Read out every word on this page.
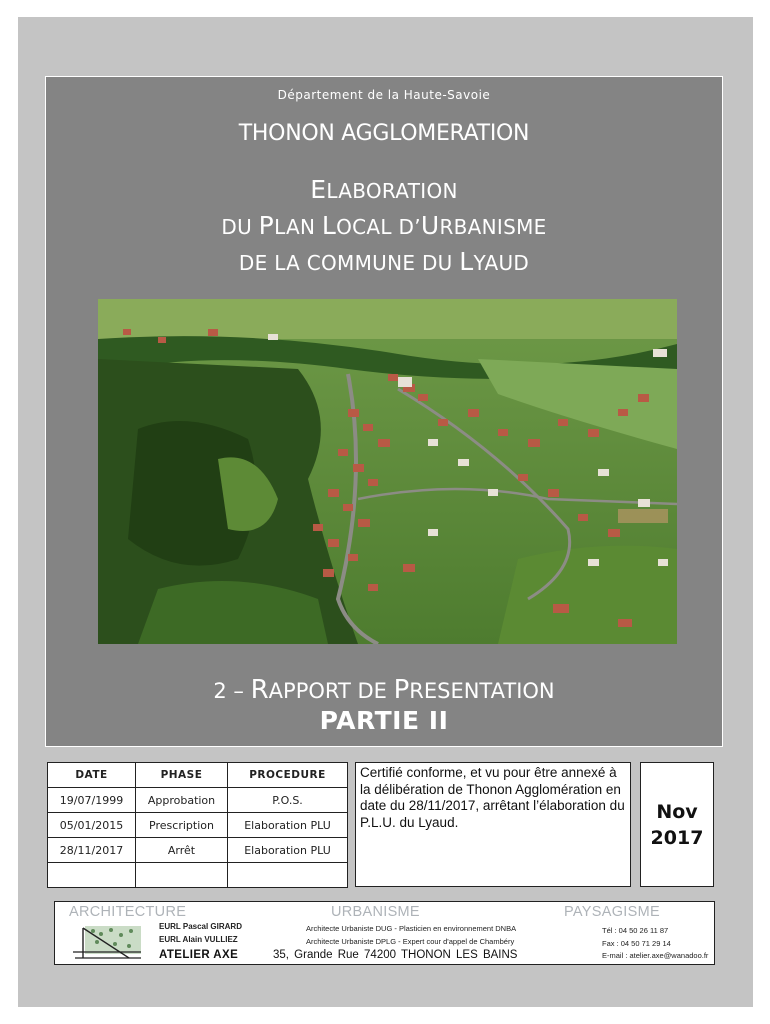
Département de la Haute-Savoie
THONON AGGLOMERATION
ELABORATION
DU PLAN LOCAL D’URBANISME
DE LA COMMUNE DU LYAUD
2 – RAPPORT DE PRESENTATION
PARTIE II
DATE	PHASE	PROCEDURE
19/07/1999	Approbation	P.O.S.
05/01/2015	Prescription	Elaboration PLU
28/11/2017	Arrêt	Elaboration PLU

Certifié conforme, et vu pour être annexé à la délibération de Thonon Agglomération en date du 28/11/2017, arrêtant l’élaboration du P.L.U. du Lyaud.	Nov
2017
ARCHITECTURE	URBANISME	PAYSAGISME
EURL Pascal GIRARD
EURL Alain VULLIEZ
ATELIER AXE
Architecte Urbaniste DUG - Plasticien en environnement DNBA
Architecte Urbaniste DPLG - Expert cour d'appel de Chambéry
35, Grande Rue 74200 THONON LES BAINS
Tél : 04 50 26 11 87
Fax : 04 50 71 29 14
E-mail : atelier.axe@wanadoo.fr
